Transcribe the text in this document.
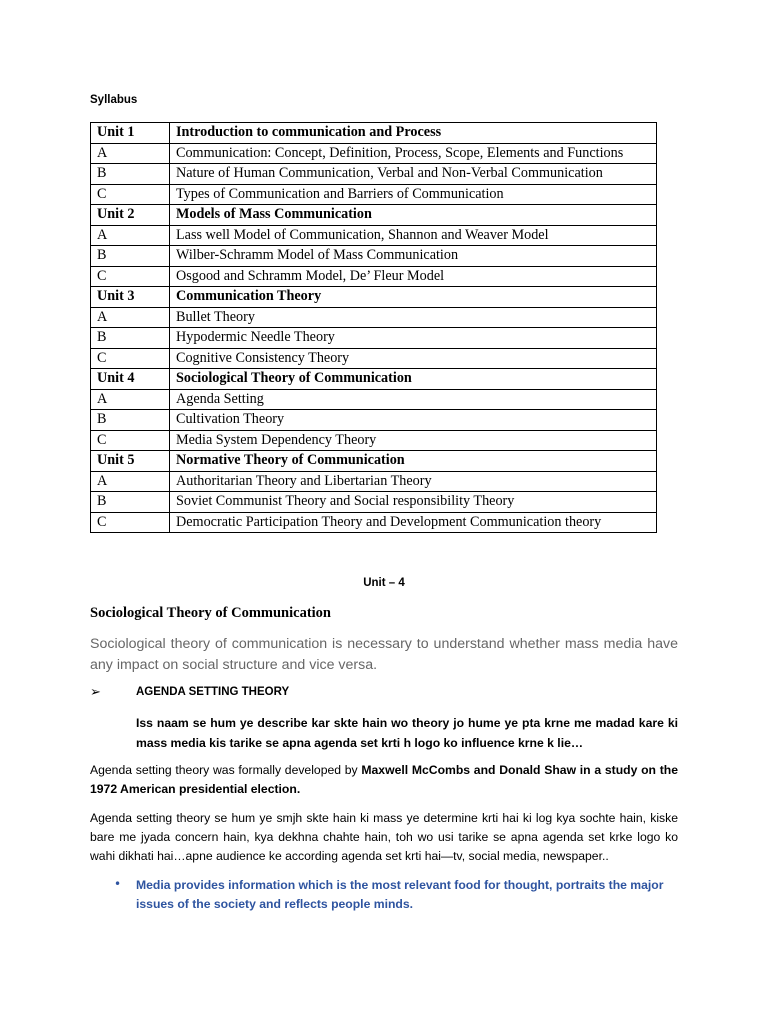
Syllabus
Unit 1	Introduction to communication and Process
A	Communication: Concept, Definition, Process, Scope, Elements and Functions
B	Nature of Human Communication, Verbal and Non-Verbal Communication
C	Types of Communication and Barriers of Communication
Unit 2	Models of Mass Communication
A	Lass well Model of Communication, Shannon and Weaver Model
B	Wilber-Schramm Model of Mass Communication
C	Osgood and Schramm Model, De’ Fleur Model
Unit 3	Communication Theory
A	Bullet Theory
B	Hypodermic Needle Theory
C	Cognitive Consistency Theory
Unit 4	Sociological Theory of Communication
A	Agenda Setting
B	Cultivation Theory
C	Media System Dependency Theory
Unit 5	Normative Theory of Communication
A	Authoritarian Theory and Libertarian Theory
B	Soviet Communist Theory and Social responsibility Theory
C	Democratic Participation Theory and Development Communication theory
Unit – 4
Sociological Theory of Communication
Sociological theory of communication is necessary to understand whether mass media have any impact on social structure and vice versa.
➢	AGENDA SETTING THEORY
Iss naam se hum ye describe kar skte hain wo theory jo hume ye pta krne me madad kare ki mass media kis tarike se apna agenda set krti h logo ko influence krne k lie…
Agenda setting theory was formally developed by Maxwell McCombs and Donald Shaw in a study on the 1972 American presidential election.
Agenda setting theory se hum ye smjh skte hain ki mass ye determine krti hai ki log kya sochte hain, kiske bare me jyada concern hain, kya dekhna chahte hain, toh wo usi tarike se apna agenda set krke logo ko wahi dikhati hai…apne audience ke according agenda set krti hai—tv, social media, newspaper..
• Media provides information which is the most relevant food for thought, portraits the major issues of the society and reflects people minds.
